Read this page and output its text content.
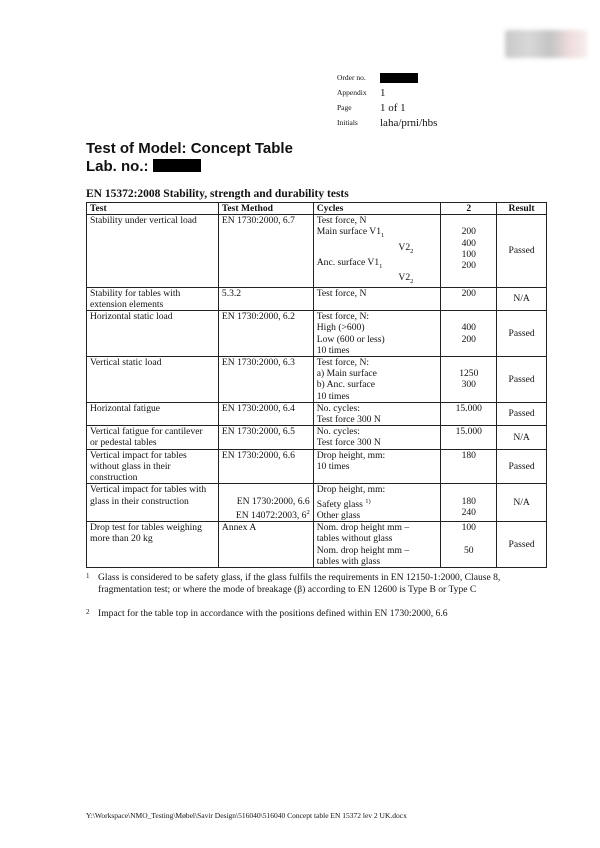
Order no.
Appendix	1
Page	1 of 1
Initials	laha/prni/hbs
Test of Model: Concept Table
Lab. no.:
EN 15372:2008 Stability, strength and durability tests
Test	Test Method	Cycles	2	Result

Stability under vertical load	EN 1730:2000, 6.7	Test force, N
Main surface $V1_1$
$V2_2$
Anc. surface $V1_1$
$V2_2$	200
400
100
200	Passed

Stability for tables with
extension elements	5.3.2	Test force, N	200	N/A

Horizontal static load	EN 1730:2000, 6.2	Test force, N:
High (>600)
Low (600 or less)
10 times	400
200	Passed

Vertical static load	EN 1730:2000, 6.3	Test force, N:
a) Main surface
b) Anc. surface
10 times	1250
300	Passed

Horizontal fatigue	EN 1730:2000, 6.4	No. cycles:
Test force 300 N	15.000	Passed

Vertical fatigue for cantilever
or pedestal tables	EN 1730:2000, 6.5	No. cycles:
Test force 300 N	15.000	N/A

Vertical impact for tables
without glass in their
construction	EN 1730:2000, 6.6	Drop height, mm:
10 times	180	Passed

Vertical impact for tables with
glass in their construction	EN 1730:2000, 6.6
EN 14072:2003, $6^2$	Drop height, mm:
Safety glass $^{1)}$
Other glass	180
240	N/A

Drop test for tables weighing
more than 20 kg	Annex A	Nom. drop height mm –
tables without glass
Nom. drop height mm –
tables with glass	100

50	Passed
1 Glass is considered to be safety glass, if the glass fulfils the requirements in EN 12150-1:2000, Clause 8, fragmentation test; or where the mode of breakage (β) according to EN 12600 is Type B or Type C
2 Impact for the table top in accordance with the positions defined within EN 1730:2000, 6.6
Y:\Workspace\NMO_Testing\Møbel\Savir Design\516040\516040 Concept table EN 15372 lev 2 UK.docx
